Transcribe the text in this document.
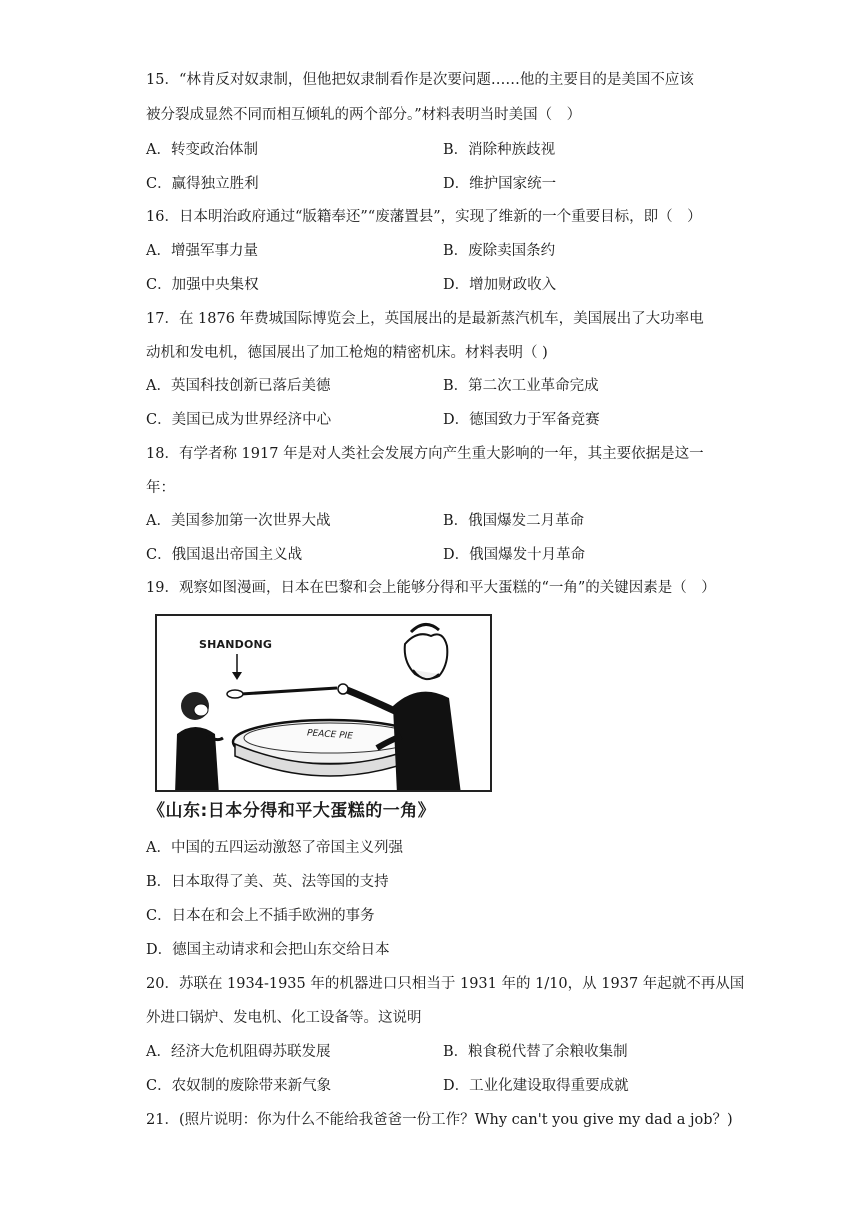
15．“林肯反对奴隶制，但他把奴隶制看作是次要问题……他的主要目的是美国不应该
被分裂成显然不同而相互倾轧的两个部分。”材料表明当时美国（　）
A．转变政治体制	B．消除种族歧视
C．赢得独立胜利	D．维护国家统一
16．日本明治政府通过“版籍奉还”“废藩置县”，实现了维新的一个重要目标，即（　）
A．增强军事力量	B．废除卖国条约
C．加强中央集权	D．增加财政收入
17．在 1876 年费城国际博览会上，英国展出的是最新蒸汽机车，美国展出了大功率电
动机和发电机，德国展出了加工枪炮的精密机床。材料表明（ )
A．英国科技创新已落后美德	B．第二次工业革命完成
C．美国已成为世界经济中心	D．德国致力于军备竞赛
18．有学者称 1917 年是对人类社会发展方向产生重大影响的一年，其主要依据是这一
年：
A．美国参加第一次世界大战	B．俄国爆发二月革命
C．俄国退出帝国主义战	D．俄国爆发十月革命
19．观察如图漫画，日本在巴黎和会上能够分得和平大蛋糕的“一角”的关键因素是（　）
SHANDONG
PEACE PIE
《山东:日本分得和平大蛋糕的一角》
A．中国的五四运动激怒了帝国主义列强
B．日本取得了美、英、法等国的支持
C．日本在和会上不插手欧洲的事务
D．德国主动请求和会把山东交给日本
20．苏联在 1934-1935 年的机器进口只相当于 1931 年的 1/10，从 1937 年起就不再从国
外进口锅炉、发电机、化工设备等。这说明
A．经济大危机阻碍苏联发展	B．粮食税代替了余粮收集制
C．农奴制的废除带来新气象	D．工业化建设取得重要成就
21．(照片说明：你为什么不能给我爸爸一份工作？Why can't you give my dad a job？)
